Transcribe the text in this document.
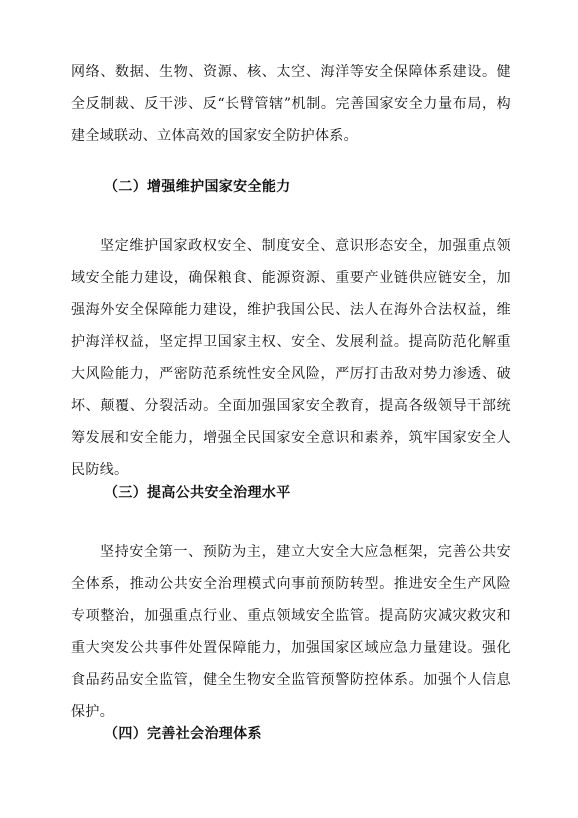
网络、数据、生物、资源、核、太空、海洋等安全保障体系建设。健全反制裁、反干涉、反“长臂管辖”机制。完善国家安全力量布局，构建全域联动、立体高效的国家安全防护体系。

（二）增强维护国家安全能力

坚定维护国家政权安全、制度安全、意识形态安全，加强重点领域安全能力建设，确保粮食、能源资源、重要产业链供应链安全，加强海外安全保障能力建设，维护我国公民、法人在海外合法权益，维护海洋权益，坚定捍卫国家主权、安全、发展利益。提高防范化解重大风险能力，严密防范系统性安全风险，严厉打击敌对势力渗透、破坏、颠覆、分裂活动。全面加强国家安全教育，提高各级领导干部统筹发展和安全能力，增强全民国家安全意识和素养，筑牢国家安全人民防线。

（三）提高公共安全治理水平

坚持安全第一、预防为主，建立大安全大应急框架，完善公共安全体系，推动公共安全治理模式向事前预防转型。推进安全生产风险专项整治，加强重点行业、重点领域安全监管。提高防灾减灾救灾和重大突发公共事件处置保障能力，加强国家区域应急力量建设。强化食品药品安全监管，健全生物安全监管预警防控体系。加强个人信息保护。

（四）完善社会治理体系
